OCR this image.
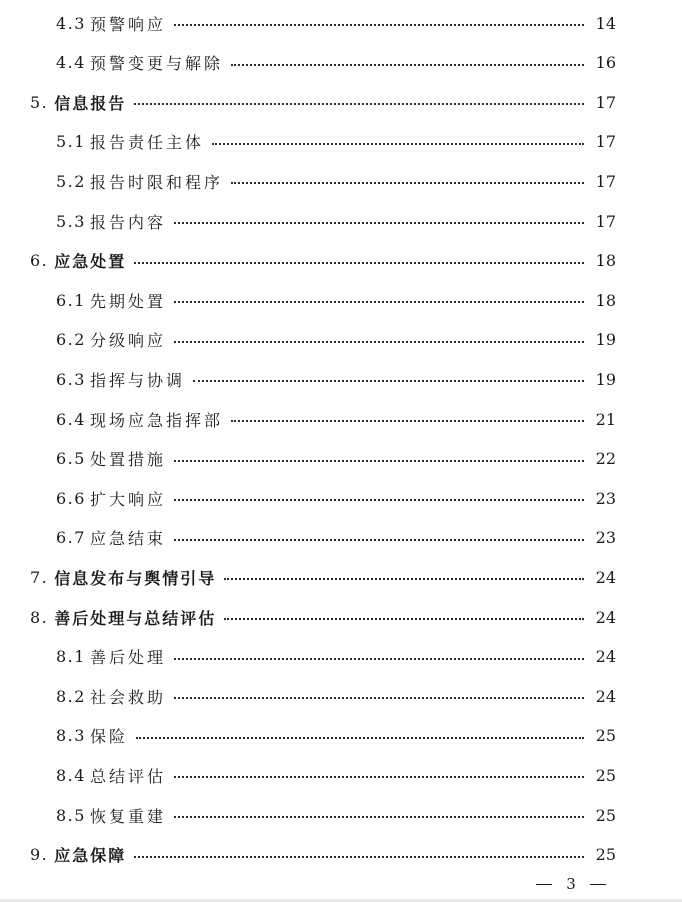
4.3 预警响应	14
4.4 预警变更与解除	16
5. 信息报告	17
5.1 报告责任主体	17
5.2 报告时限和程序	17
5.3 报告内容	17
6. 应急处置	18
6.1 先期处置	18
6.2 分级响应	19
6.3 指挥与协调	19
6.4 现场应急指挥部	21
6.5 处置措施	22
6.6 扩大响应	23
6.7 应急结束	23
7. 信息发布与舆情引导	24
8. 善后处理与总结评估	24
8.1 善后处理	24
8.2 社会救助	24
8.3 保险	25
8.4 总结评估	25
8.5 恢复重建	25
9. 应急保障	25
3
